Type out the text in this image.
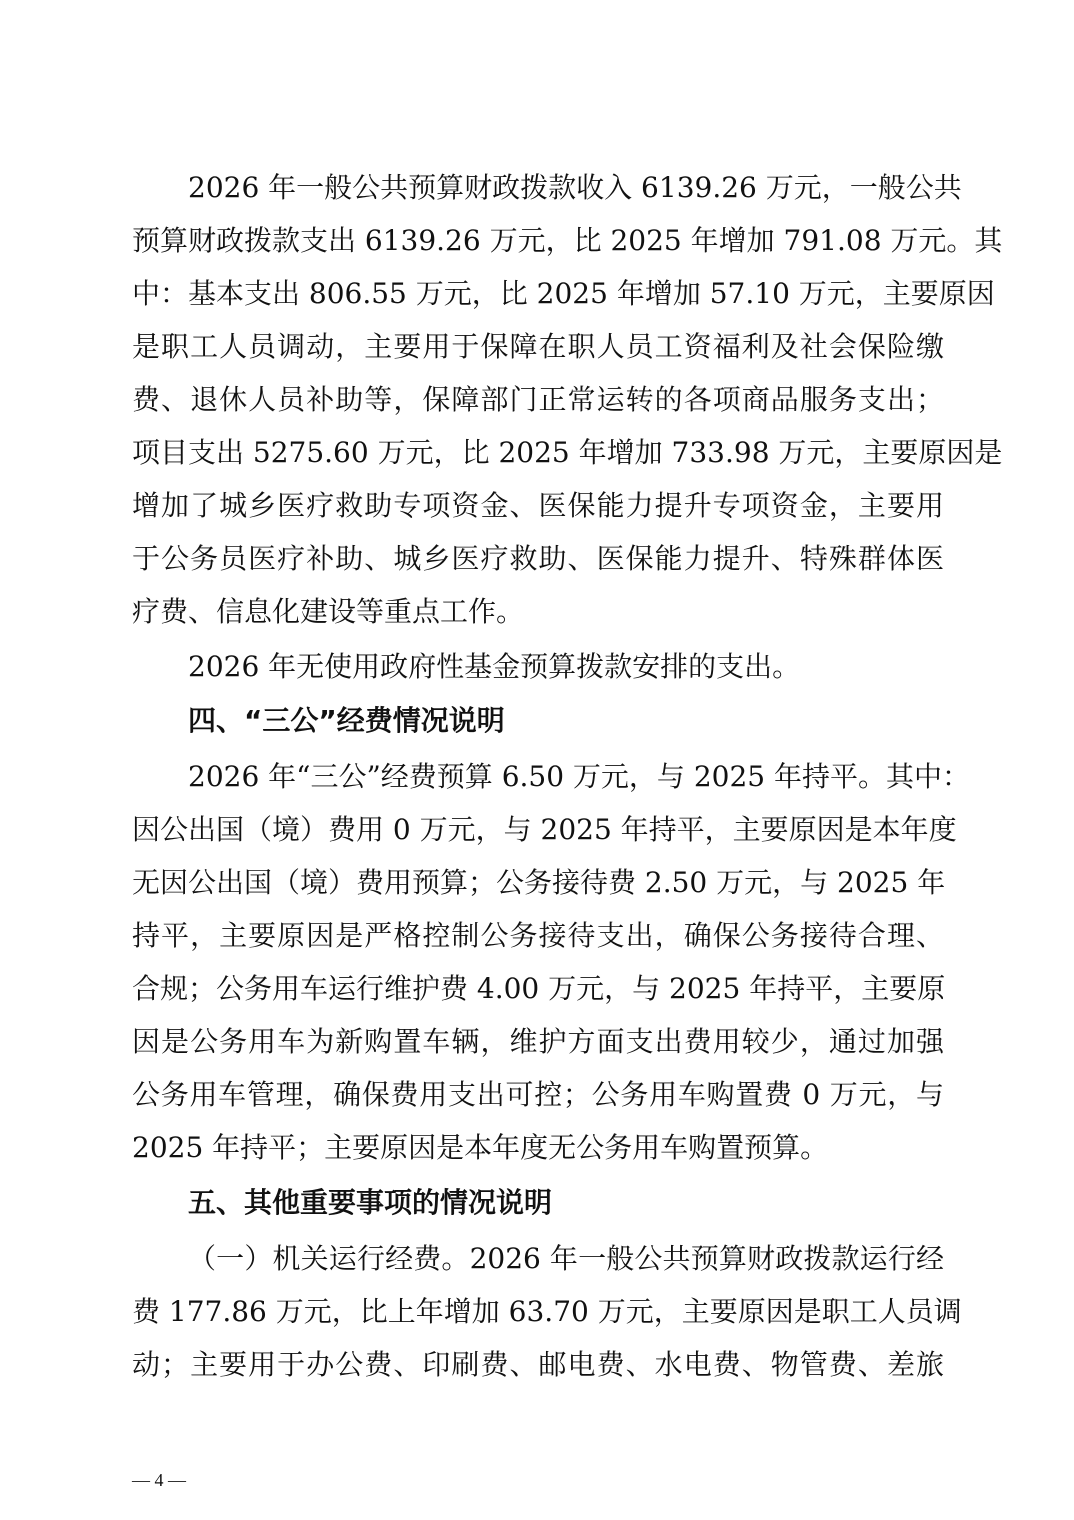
2026 年一般公共预算财政拨款收入 6139.26 万元，一般公共
预算财政拨款支出 6139.26 万元，比 2025 年增加 791.08 万元。其
中：基本支出 806.55 万元，比 2025 年增加 57.10 万元，主要原因
是职工人员调动，主要用于保障在职人员工资福利及社会保险缴
费、退休人员补助等，保障部门正常运转的各项商品服务支出；
项目支出 5275.60 万元，比 2025 年增加 733.98 万元，主要原因是
增加了城乡医疗救助专项资金、医保能力提升专项资金，主要用
于公务员医疗补助、城乡医疗救助、医保能力提升、特殊群体医
疗费、信息化建设等重点工作。
2026 年无使用政府性基金预算拨款安排的支出。
四、“三公”经费情况说明
2026 年“三公”经费预算 6.50 万元，与 2025 年持平。其中：
因公出国（境）费用 0 万元，与 2025 年持平，主要原因是本年度
无因公出国（境）费用预算；公务接待费 2.50 万元，与 2025 年
持平，主要原因是严格控制公务接待支出，确保公务接待合理、
合规；公务用车运行维护费 4.00 万元，与 2025 年持平，主要原
因是公务用车为新购置车辆，维护方面支出费用较少，通过加强
公务用车管理，确保费用支出可控；公务用车购置费 0 万元，与
2025 年持平；主要原因是本年度无公务用车购置预算。
五、其他重要事项的情况说明
（一）机关运行经费。2026 年一般公共预算财政拨款运行经
费 177.86 万元，比上年增加 63.70 万元，主要原因是职工人员调
动；主要用于办公费、印刷费、邮电费、水电费、物管费、差旅
— 4 —
